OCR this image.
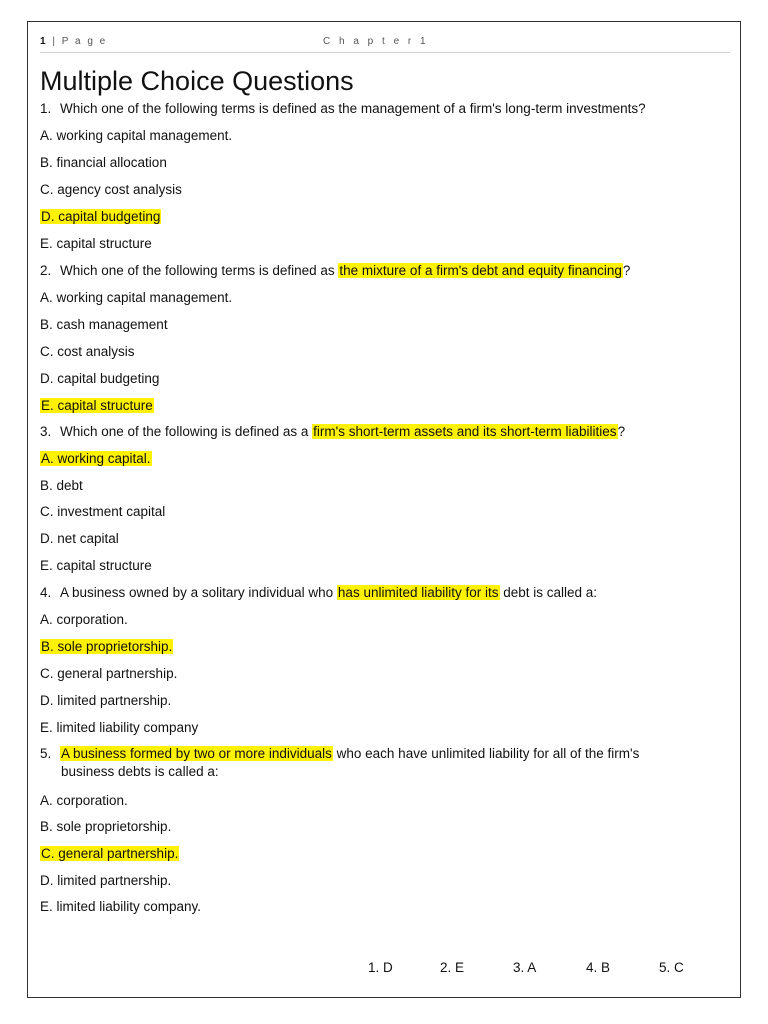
1 | P a g e	C h a p t e r 1
Multiple Choice Questions
1. Which one of the following terms is defined as the management of a firm's long-term investments?
A. working capital management.
B. financial allocation
C. agency cost analysis
D. capital budgeting
E. capital structure
2. Which one of the following terms is defined as the mixture of a firm's debt and equity financing?
A. working capital management.
B. cash management
C. cost analysis
D. capital budgeting
E. capital structure
3. Which one of the following is defined as a firm's short-term assets and its short-term liabilities?
A. working capital.
B. debt
C. investment capital
D. net capital
E. capital structure
4. A business owned by a solitary individual who has unlimited liability for its debt is called a:
A. corporation.
B. sole proprietorship.
C. general partnership.
D. limited partnership.
E. limited liability company
5. A business formed by two or more individuals who each have unlimited liability for all of the firm's
business debts is called a:
A. corporation.
B. sole proprietorship.
C. general partnership.
D. limited partnership.
E. limited liability company.
1. D	2. E	3. A	4. B	5. C
